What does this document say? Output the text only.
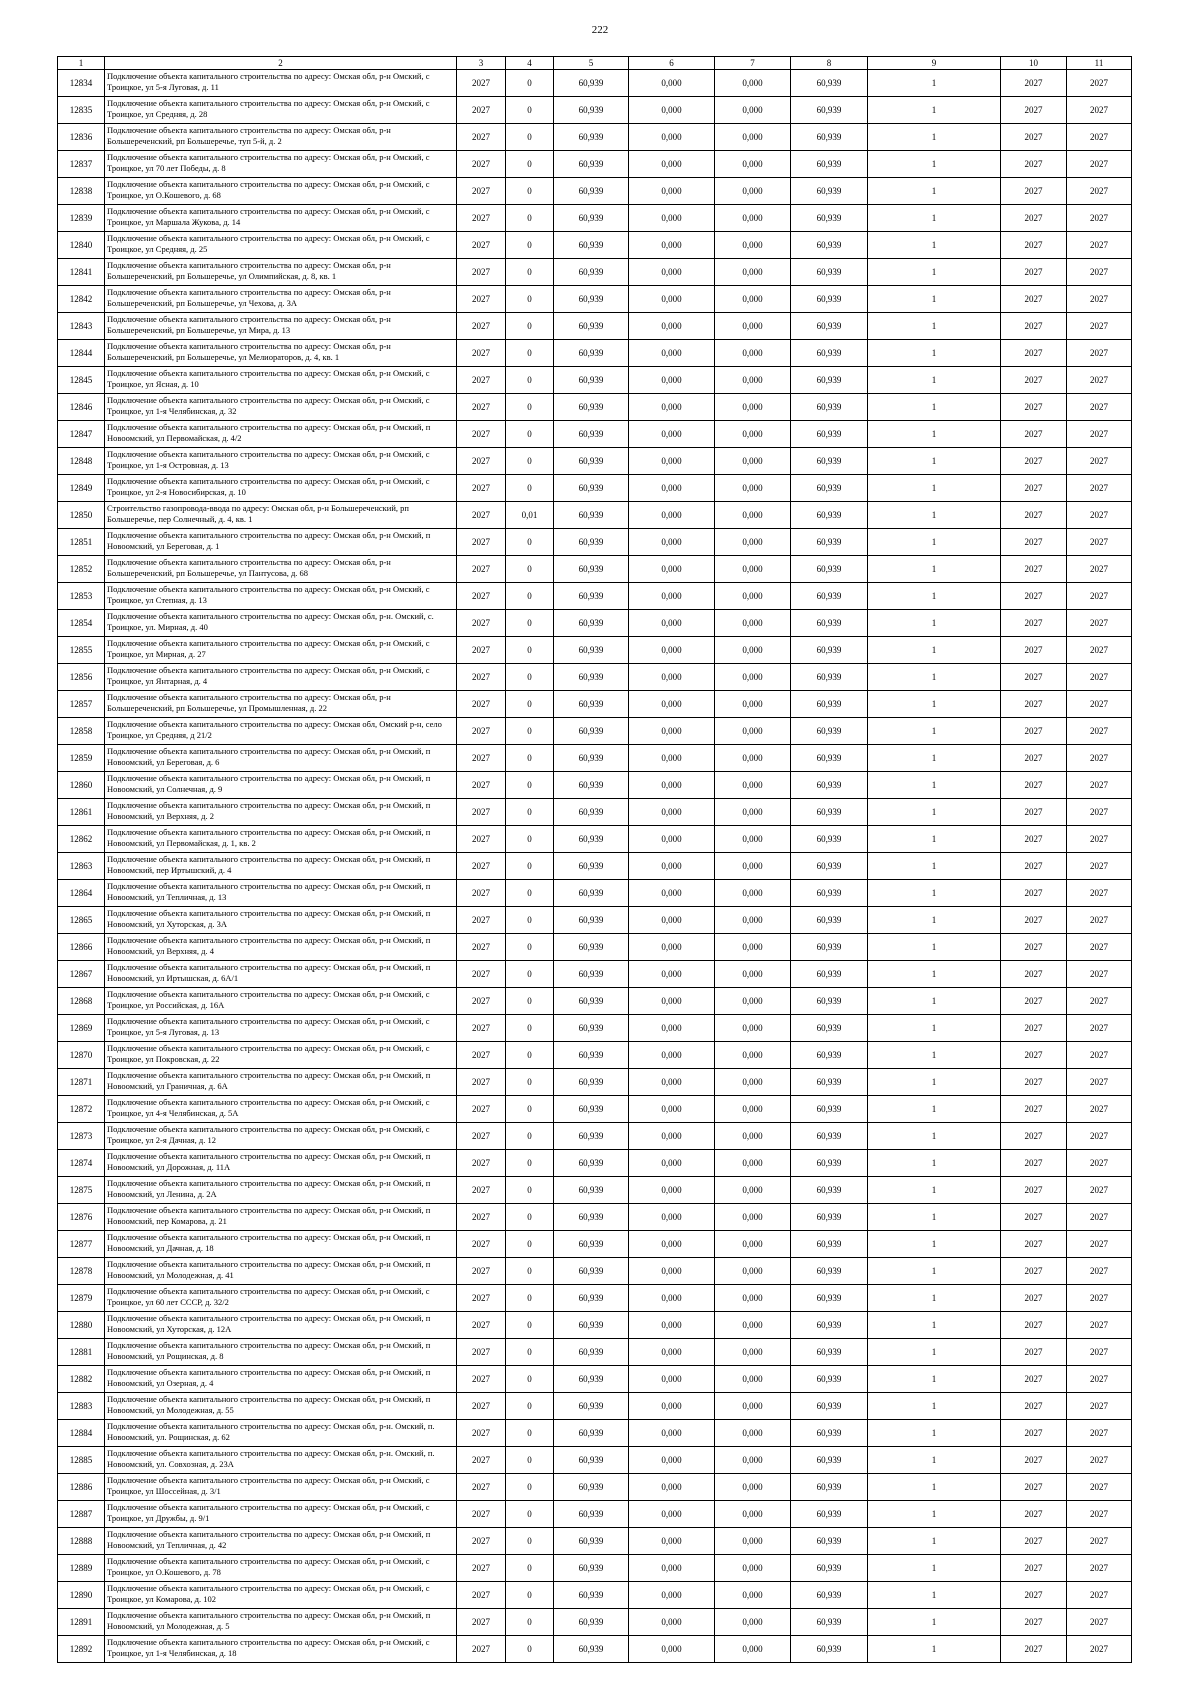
222
1	2	3	4	5	6	7	8	9	10	11
12834	Подключение объекта капитального строительства по адресу: Омская обл, р-н Омский, с Троицкое, ул 5-я Луговая, д. 11	2027	0	60,939	0,000	0,000	60,939	1	2027	2027
12835	Подключение объекта капитального строительства по адресу: Омская обл, р-н Омский, с Троицкое, ул Средняя, д. 28	2027	0	60,939	0,000	0,000	60,939	1	2027	2027
12836	Подключение объекта капитального строительства по адресу: Омская обл, р-н Большереченский, рп Большеречье, туп 5-й, д. 2	2027	0	60,939	0,000	0,000	60,939	1	2027	2027
12837	Подключение объекта капитального строительства по адресу: Омская обл, р-н Омский, с Троицкое, ул 70 лет Победы, д. 8	2027	0	60,939	0,000	0,000	60,939	1	2027	2027
12838	Подключение объекта капитального строительства по адресу: Омская обл, р-н Омский, с Троицкое, ул О.Кошевого, д. 68	2027	0	60,939	0,000	0,000	60,939	1	2027	2027
12839	Подключение объекта капитального строительства по адресу: Омская обл, р-н Омский, с Троицкое, ул Маршала Жукова, д. 14	2027	0	60,939	0,000	0,000	60,939	1	2027	2027
12840	Подключение объекта капитального строительства по адресу: Омская обл, р-н Омский, с Троицкое, ул Средняя, д. 25	2027	0	60,939	0,000	0,000	60,939	1	2027	2027
12841	Подключение объекта капитального строительства по адресу: Омская обл, р-н Большереченский, рп Большеречье, ул Олимпийская, д. 8, кв. 1	2027	0	60,939	0,000	0,000	60,939	1	2027	2027
12842	Подключение объекта капитального строительства по адресу: Омская обл, р-н Большереченский, рп Большеречье, ул Чехова, д. 3А	2027	0	60,939	0,000	0,000	60,939	1	2027	2027
12843	Подключение объекта капитального строительства по адресу: Омская обл, р-н Большереченский, рп Большеречье, ул Мира, д. 13	2027	0	60,939	0,000	0,000	60,939	1	2027	2027
12844	Подключение объекта капитального строительства по адресу: Омская обл, р-н Большереченский, рп Большеречье, ул Мелиораторов, д. 4, кв. 1	2027	0	60,939	0,000	0,000	60,939	1	2027	2027
12845	Подключение объекта капитального строительства по адресу: Омская обл, р-н Омский, с Троицкое, ул Ясная, д. 10	2027	0	60,939	0,000	0,000	60,939	1	2027	2027
12846	Подключение объекта капитального строительства по адресу: Омская обл, р-н Омский, с Троицкое, ул 1-я Челябинская, д. 32	2027	0	60,939	0,000	0,000	60,939	1	2027	2027
12847	Подключение объекта капитального строительства по адресу: Омская обл, р-н Омский, п Новоомский, ул Первомайская, д. 4/2	2027	0	60,939	0,000	0,000	60,939	1	2027	2027
12848	Подключение объекта капитального строительства по адресу: Омская обл, р-н Омский, с Троицкое, ул 1-я Островная, д. 13	2027	0	60,939	0,000	0,000	60,939	1	2027	2027
12849	Подключение объекта капитального строительства по адресу: Омская обл, р-н Омский, с Троицкое, ул 2-я Новосибирская, д. 10	2027	0	60,939	0,000	0,000	60,939	1	2027	2027
12850	Строительство газопровода-ввода по адресу: Омская обл, р-н Большереченский, рп Большеречье, пер Солнечный, д. 4, кв. 1	2027	0,01	60,939	0,000	0,000	60,939	1	2027	2027
12851	Подключение объекта капитального строительства по адресу: Омская обл, р-н Омский, п Новоомский, ул Береговая, д. 1	2027	0	60,939	0,000	0,000	60,939	1	2027	2027
12852	Подключение объекта капитального строительства по адресу: Омская обл, р-н Большереченский, рп Большеречье, ул Пантусова, д. 68	2027	0	60,939	0,000	0,000	60,939	1	2027	2027
12853	Подключение объекта капитального строительства по адресу: Омская обл, р-н Омский, с Троицкое, ул Степная, д. 13	2027	0	60,939	0,000	0,000	60,939	1	2027	2027
12854	Подключение объекта капитального строительства по адресу: Омская обл, р-н. Омский, с. Троицкое, ул. Мирная, д. 40	2027	0	60,939	0,000	0,000	60,939	1	2027	2027
12855	Подключение объекта капитального строительства по адресу: Омская обл, р-н Омский, с Троицкое, ул Мирная, д. 27	2027	0	60,939	0,000	0,000	60,939	1	2027	2027
12856	Подключение объекта капитального строительства по адресу: Омская обл, р-н Омский, с Троицкое, ул Янтарная, д. 4	2027	0	60,939	0,000	0,000	60,939	1	2027	2027
12857	Подключение объекта капитального строительства по адресу: Омская обл, р-н Большереченский, рп Большеречье, ул Промышленная, д. 22	2027	0	60,939	0,000	0,000	60,939	1	2027	2027
12858	Подключение объекта капитального строительства по адресу: Омская обл, Омский р-н, село Троицкое, ул Средняя, д 21/2	2027	0	60,939	0,000	0,000	60,939	1	2027	2027
12859	Подключение объекта капитального строительства по адресу: Омская обл, р-н Омский, п Новоомский, ул Береговая, д. 6	2027	0	60,939	0,000	0,000	60,939	1	2027	2027
12860	Подключение объекта капитального строительства по адресу: Омская обл, р-н Омский, п Новоомский, ул Солнечная, д. 9	2027	0	60,939	0,000	0,000	60,939	1	2027	2027
12861	Подключение объекта капитального строительства по адресу: Омская обл, р-н Омский, п Новоомский, ул Верхняя, д. 2	2027	0	60,939	0,000	0,000	60,939	1	2027	2027
12862	Подключение объекта капитального строительства по адресу: Омская обл, р-н Омский, п Новоомский, ул Первомайская, д. 1, кв. 2	2027	0	60,939	0,000	0,000	60,939	1	2027	2027
12863	Подключение объекта капитального строительства по адресу: Омская обл, р-н Омский, п Новоомский, пер Иртышский, д. 4	2027	0	60,939	0,000	0,000	60,939	1	2027	2027
12864	Подключение объекта капитального строительства по адресу: Омская обл, р-н Омский, п Новоомский, ул Тепличная, д. 13	2027	0	60,939	0,000	0,000	60,939	1	2027	2027
12865	Подключение объекта капитального строительства по адресу: Омская обл, р-н Омский, п Новоомский, ул Хуторская, д. 3А	2027	0	60,939	0,000	0,000	60,939	1	2027	2027
12866	Подключение объекта капитального строительства по адресу: Омская обл, р-н Омский, п Новоомский, ул Верхняя, д. 4	2027	0	60,939	0,000	0,000	60,939	1	2027	2027
12867	Подключение объекта капитального строительства по адресу: Омская обл, р-н Омский, п Новоомский, ул Иртышская, д. 6А/1	2027	0	60,939	0,000	0,000	60,939	1	2027	2027
12868	Подключение объекта капитального строительства по адресу: Омская обл, р-н Омский, с Троицкое, ул Российская, д. 16А	2027	0	60,939	0,000	0,000	60,939	1	2027	2027
12869	Подключение объекта капитального строительства по адресу: Омская обл, р-н Омский, с Троицкое, ул 5-я Луговая, д. 13	2027	0	60,939	0,000	0,000	60,939	1	2027	2027
12870	Подключение объекта капитального строительства по адресу: Омская обл, р-н Омский, с Троицкое, ул Покровская, д. 22	2027	0	60,939	0,000	0,000	60,939	1	2027	2027
12871	Подключение объекта капитального строительства по адресу: Омская обл, р-н Омский, п Новоомский, ул Граничная, д. 6А	2027	0	60,939	0,000	0,000	60,939	1	2027	2027
12872	Подключение объекта капитального строительства по адресу: Омская обл, р-н Омский, с Троицкое, ул 4-я Челябинская, д. 5А	2027	0	60,939	0,000	0,000	60,939	1	2027	2027
12873	Подключение объекта капитального строительства по адресу: Омская обл, р-н Омский, с Троицкое, ул 2-я Дачная, д. 12	2027	0	60,939	0,000	0,000	60,939	1	2027	2027
12874	Подключение объекта капитального строительства по адресу: Омская обл, р-н Омский, п Новоомский, ул Дорожная, д. 11А	2027	0	60,939	0,000	0,000	60,939	1	2027	2027
12875	Подключение объекта капитального строительства по адресу: Омская обл, р-н Омский, п Новоомский, ул Ленина, д. 2А	2027	0	60,939	0,000	0,000	60,939	1	2027	2027
12876	Подключение объекта капитального строительства по адресу: Омская обл, р-н Омский, п Новоомский, пер Комарова, д. 21	2027	0	60,939	0,000	0,000	60,939	1	2027	2027
12877	Подключение объекта капитального строительства по адресу: Омская обл, р-н Омский, п Новоомский, ул Дачная, д. 18	2027	0	60,939	0,000	0,000	60,939	1	2027	2027
12878	Подключение объекта капитального строительства по адресу: Омская обл, р-н Омский, п Новоомский, ул Молодежная, д. 41	2027	0	60,939	0,000	0,000	60,939	1	2027	2027
12879	Подключение объекта капитального строительства по адресу: Омская обл, р-н Омский, с Троицкое, ул 60 лет СССР, д. 32/2	2027	0	60,939	0,000	0,000	60,939	1	2027	2027
12880	Подключение объекта капитального строительства по адресу: Омская обл, р-н Омский, п Новоомский, ул Хуторская, д. 12А	2027	0	60,939	0,000	0,000	60,939	1	2027	2027
12881	Подключение объекта капитального строительства по адресу: Омская обл, р-н Омский, п Новоомский, ул Рощинская, д. 8	2027	0	60,939	0,000	0,000	60,939	1	2027	2027
12882	Подключение объекта капитального строительства по адресу: Омская обл, р-н Омский, п Новоомский, ул Озерная, д. 4	2027	0	60,939	0,000	0,000	60,939	1	2027	2027
12883	Подключение объекта капитального строительства по адресу: Омская обл, р-н Омский, п Новоомский, ул Молодежная, д. 55	2027	0	60,939	0,000	0,000	60,939	1	2027	2027
12884	Подключение объекта капитального строительства по адресу: Омская обл, р-н. Омский, п. Новоомский, ул. Рощинская, д. 62	2027	0	60,939	0,000	0,000	60,939	1	2027	2027
12885	Подключение объекта капитального строительства по адресу: Омская обл, р-н. Омский, п. Новоомский, ул. Совхозная, д. 23А	2027	0	60,939	0,000	0,000	60,939	1	2027	2027
12886	Подключение объекта капитального строительства по адресу: Омская обл, р-н Омский, с Троицкое, ул Шоссейная, д. 3/1	2027	0	60,939	0,000	0,000	60,939	1	2027	2027
12887	Подключение объекта капитального строительства по адресу: Омская обл, р-н Омский, с Троицкое, ул Дружбы, д. 9/1	2027	0	60,939	0,000	0,000	60,939	1	2027	2027
12888	Подключение объекта капитального строительства по адресу: Омская обл, р-н Омский, п Новоомский, ул Тепличная, д. 42	2027	0	60,939	0,000	0,000	60,939	1	2027	2027
12889	Подключение объекта капитального строительства по адресу: Омская обл, р-н Омский, с Троицкое, ул О.Кошевого, д. 78	2027	0	60,939	0,000	0,000	60,939	1	2027	2027
12890	Подключение объекта капитального строительства по адресу: Омская обл, р-н Омский, с Троицкое, ул Комарова, д. 102	2027	0	60,939	0,000	0,000	60,939	1	2027	2027
12891	Подключение объекта капитального строительства по адресу: Омская обл, р-н Омский, п Новоомский, ул Молодежная, д. 5	2027	0	60,939	0,000	0,000	60,939	1	2027	2027
12892	Подключение объекта капитального строительства по адресу: Омская обл, р-н Омский, с Троицкое, ул 1-я Челябинская, д. 18	2027	0	60,939	0,000	0,000	60,939	1	2027	2027
